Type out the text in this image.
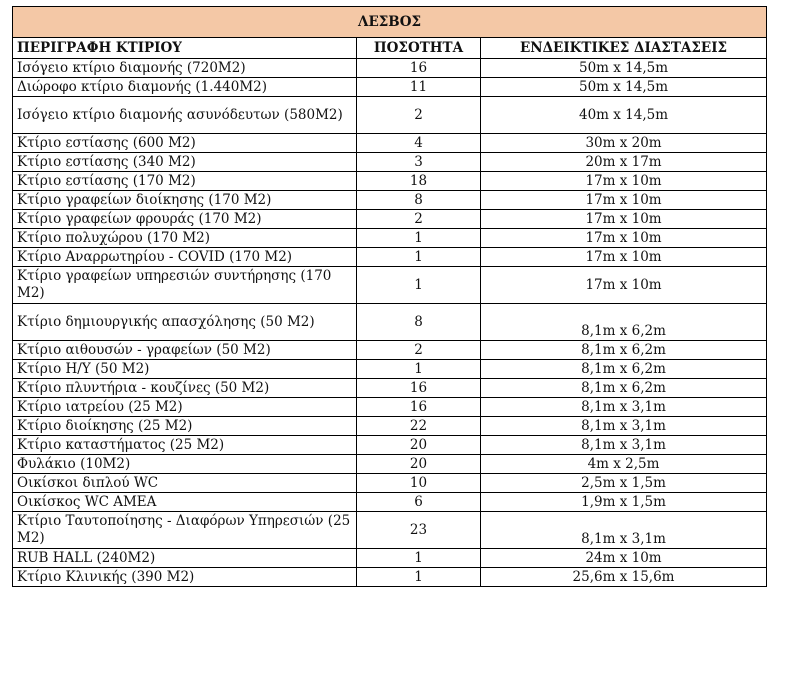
ΛΕΣΒΟΣ		
ΠΕΡΙΓΡΑΦΗ ΚΤΙΡΙΟΥ	ΠΟΣΟΤΗΤΑ	ΕΝΔΕΙΚΤΙΚΕΣ ΔΙΑΣΤΑΣΕΙΣ
Ισόγειο κτίριο διαμονής (720Μ2)	16	50m x 14,5m
Διώροφο κτίριο διαμονής (1.440Μ2)	11	50m x 14,5m
Ισόγειο κτίριο διαμονής ασυνόδευτων (580Μ2)	2	40m x 14,5m
Κτίριο εστίασης (600 Μ2)	4	30m x 20m
Κτίριο εστίασης (340 Μ2)	3	20m x 17m
Κτίριο εστίασης (170 Μ2)	18	17m x 10m
Κτίριο γραφείων διοίκησης (170 Μ2)	8	17m x 10m
Κτίριο γραφείων φρουράς (170 Μ2)	2	17m x 10m
Κτίριο πολυχώρου (170 Μ2)	1	17m x 10m
Κτίριο Αναρρωτηρίου - COVID (170 Μ2)	1	17m x 10m
Κτίριο γραφείων υπηρεσιών συντήρησης (170 Μ2)	1	17m x 10m
Κτίριο δημιουργικής απασχόλησης (50 Μ2)	8	8,1m x 6,2m
Κτίριο αιθουσών - γραφείων (50 Μ2)	2	8,1m x 6,2m
Κτίριο Η/Υ (50 Μ2)	1	8,1m x 6,2m
Κτίριο πλυντήρια - κουζίνες (50 Μ2)	16	8,1m x 6,2m
Κτίριο ιατρείου (25 Μ2)	16	8,1m x 3,1m
Κτίριο διοίκησης (25 Μ2)	22	8,1m x 3,1m
Κτίριο καταστήματος (25 Μ2)	20	8,1m x 3,1m
Φυλάκιο (10Μ2)	20	4m x 2,5m
Οικίσκοι διπλού WC	10	2,5m x 1,5m
Οικίσκος WC ΑΜΕΑ	6	1,9m x 1,5m
Κτίριο Ταυτοποίησης - Διαφόρων Υπηρεσιών (25 Μ2)	23	8,1m x 3,1m
RUB HALL (240Μ2)	1	24m x 10m
Κτίριο Κλινικής (390 Μ2)	1	25,6m x 15,6m
